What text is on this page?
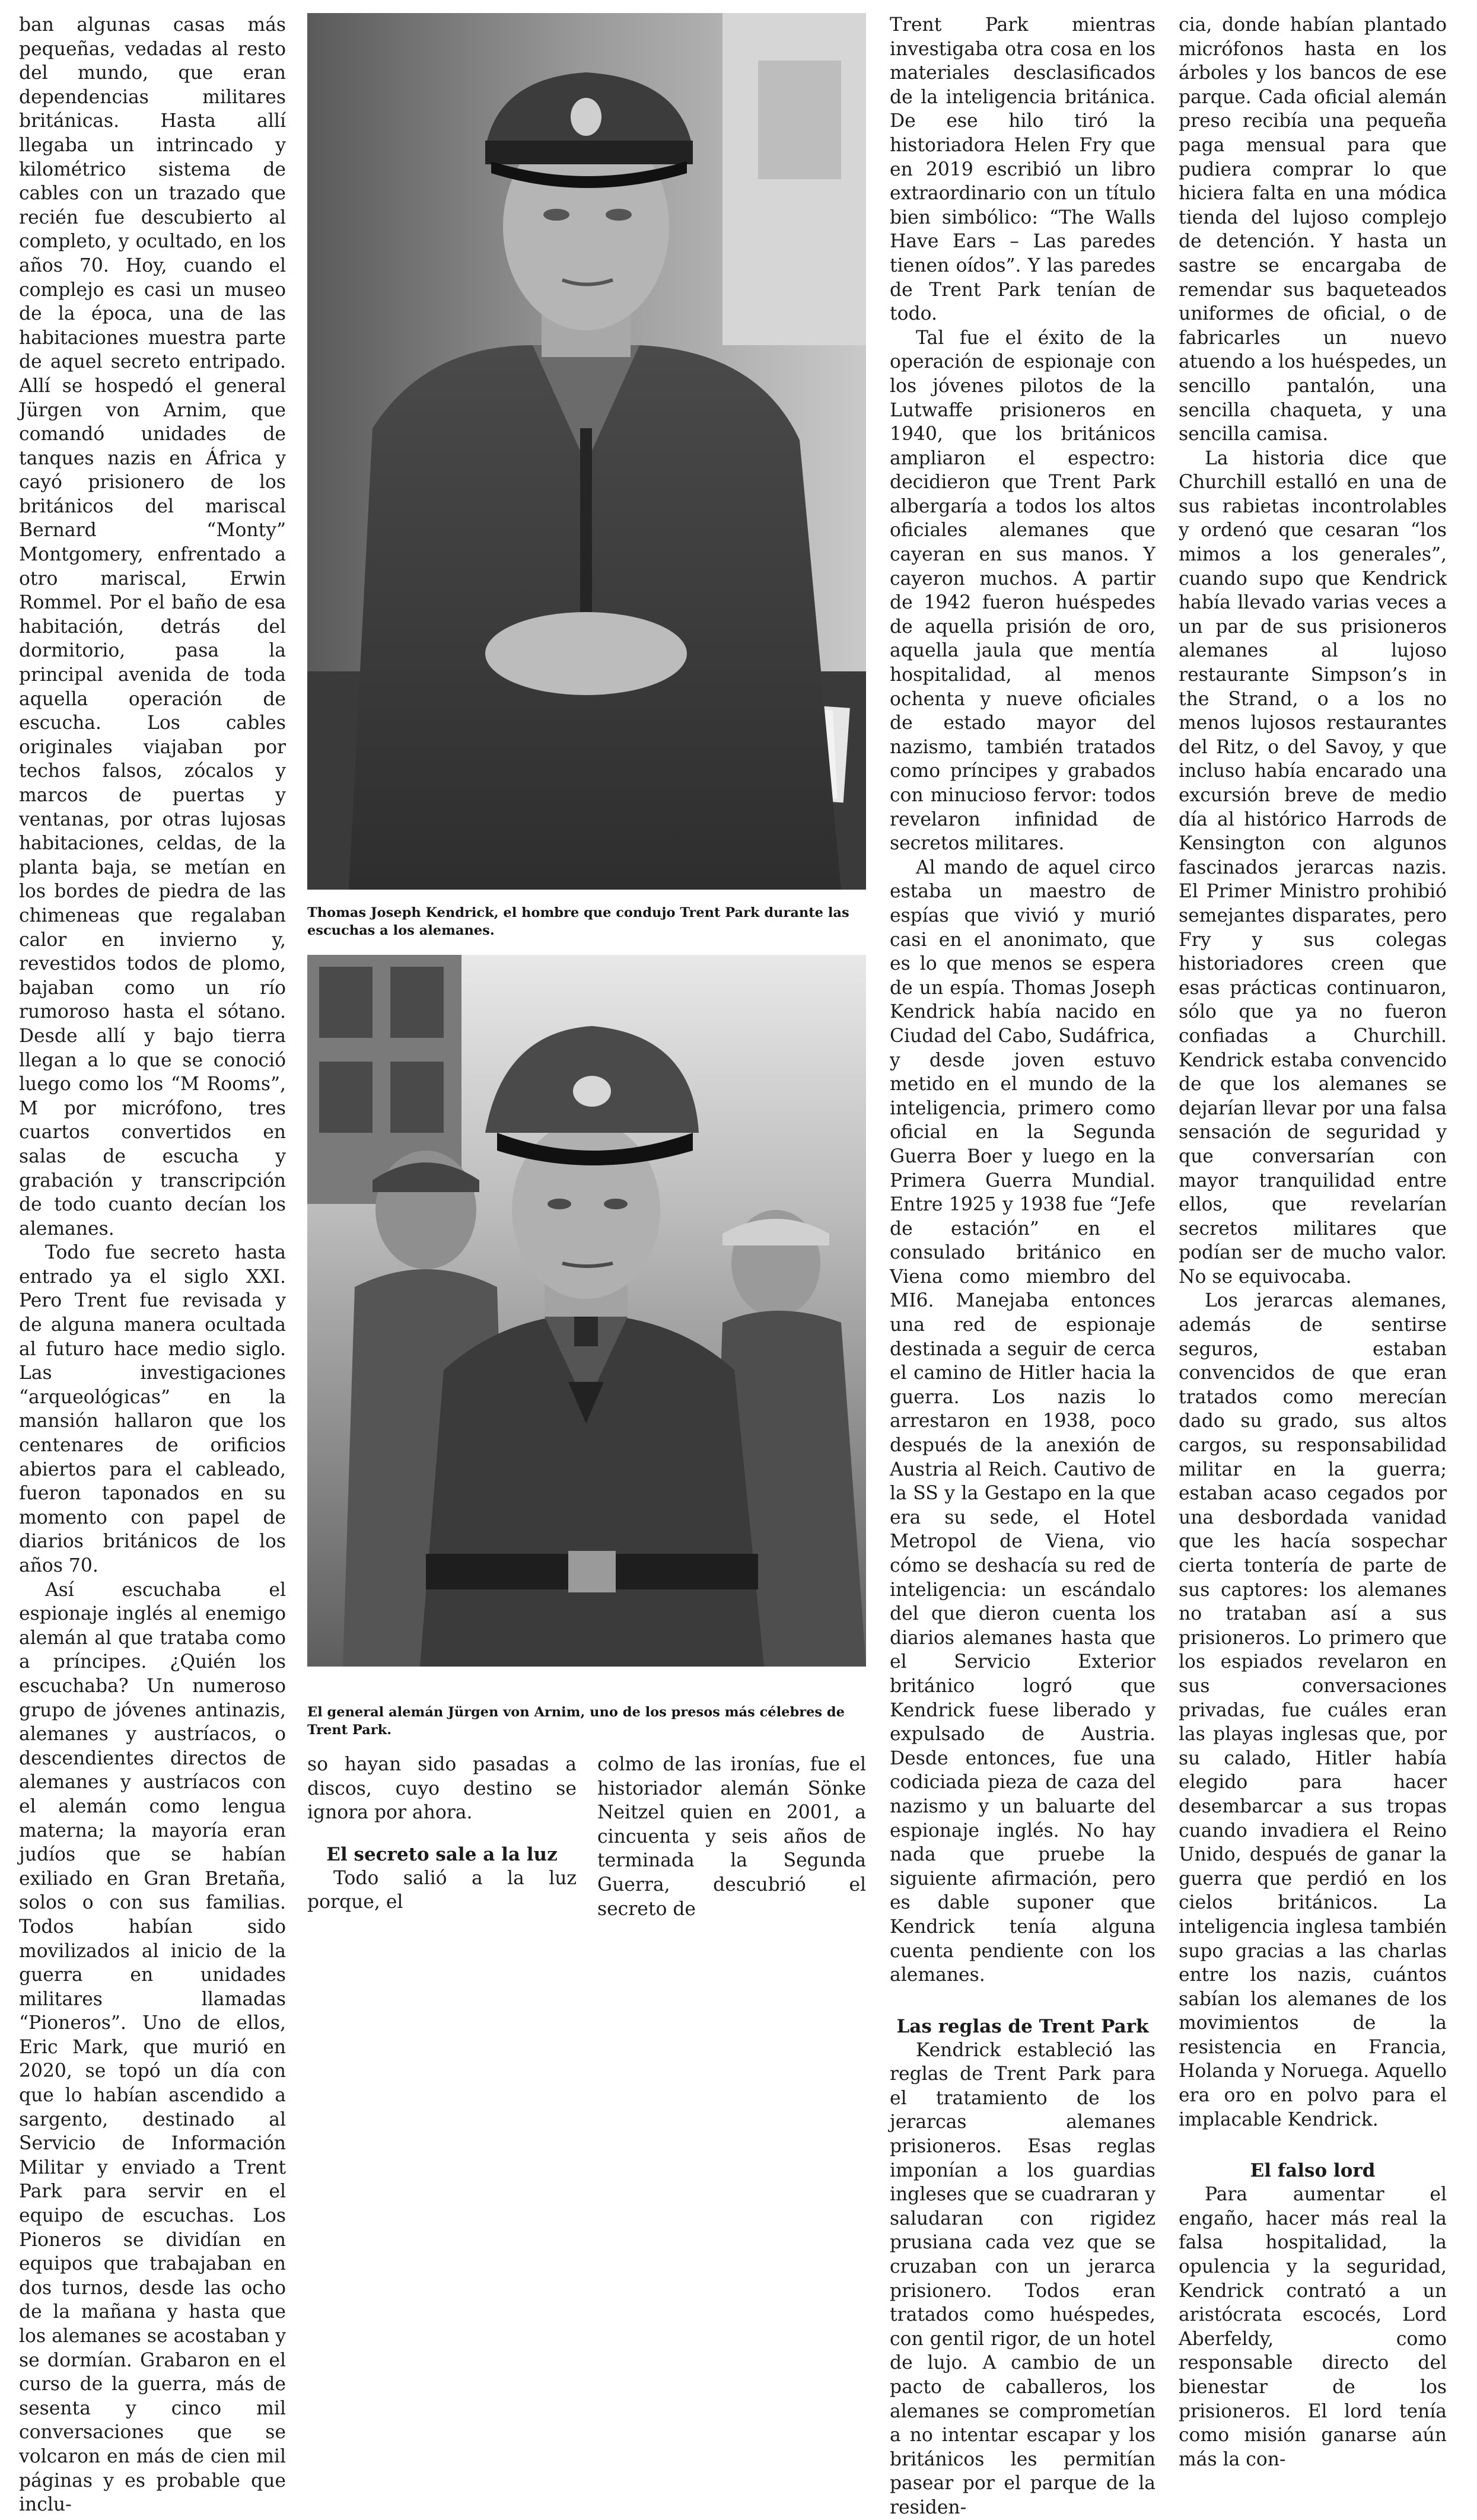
ban algunas casas más pequeñas, vedadas al resto del mundo, que eran dependencias militares británicas. Hasta allí llegaba un intrincado y kilométrico sistema de cables con un trazado que recién fue descubierto al completo, y ocultado, en los años 70. Hoy, cuando el complejo es casi un museo de la época, una de las habitaciones muestra parte de aquel secreto entripado. Allí se hospedó el general Jürgen von Arnim, que comandó unidades de tanques nazis en África y cayó prisionero de los británicos del mariscal Bernard “Monty” Montgomery, enfrentado a otro mariscal, Erwin Rommel. Por el baño de esa habitación, detrás del dormitorio, pasa la principal avenida de toda aquella operación de escucha. Los cables originales viajaban por techos falsos, zócalos y marcos de puertas y ventanas, por otras lujosas habitaciones, celdas, de la planta baja, se metían en los bordes de piedra de las chimeneas que regalaban calor en invierno y, revestidos todos de plomo, bajaban como un río rumoroso hasta el sótano. Desde allí y bajo tierra llegan a lo que se conoció luego como los “M Rooms”, M por micrófono, tres cuartos convertidos en salas de escucha y grabación y transcripción de todo cuanto decían los alemanes.

Todo fue secreto hasta entrado ya el siglo XXI. Pero Trent fue revisada y de alguna manera ocultada al futuro hace medio siglo. Las investigaciones “arqueológicas” en la mansión hallaron que los centenares de orificios abiertos para el cableado, fueron taponados en su momento con papel de diarios británicos de los años 70.

Así escuchaba el espionaje inglés al enemigo alemán al que trataba como a príncipes. ¿Quién los escuchaba? Un numeroso grupo de jóvenes antinazis, alemanes y austríacos, o descendientes directos de alemanes y austríacos con el alemán como lengua materna; la mayoría eran judíos que se habían exiliado en Gran Bretaña, solos o con sus familias. Todos habían sido movilizados al inicio de la guerra en unidades militares llamadas “Pioneros”. Uno de ellos, Eric Mark, que murió en 2020, se topó un día con que lo habían ascendido a sargento, destinado al Servicio de Información Militar y enviado a Trent Park para servir en el equipo de escuchas. Los Pioneros se dividían en equipos que trabajaban en dos turnos, desde las ocho de la mañana y hasta que los alemanes se acostaban y se dormían. Grabaron en el curso de la guerra, más de sesenta y cinco mil conversaciones que se volcaron en más de cien mil páginas y es probable que inclu-

Thomas Joseph Kendrick, el hombre que condujo Trent Park durante las escuchas a los alemanes.
El general alemán Jürgen von Arnim, uno de los presos más célebres de Trent Park.

so hayan sido pasadas a discos, cuyo destino se ignora por ahora.

El secreto sale a la luz

Todo salió a la luz porque, el

colmo de las ironías, fue el historiador alemán Sönke Neitzel quien en 2001, a cincuenta y seis años de terminada la Segunda Guerra, descubrió el secreto de

Trent Park mientras investigaba otra cosa en los materiales desclasificados de la inteligencia británica. De ese hilo tiró la historiadora Helen Fry que en 2019 escribió un libro extraordinario con un título bien simbólico: “The Walls Have Ears – Las paredes tienen oídos”. Y las paredes de Trent Park tenían de todo.

Tal fue el éxito de la operación de espionaje con los jóvenes pilotos de la Lutwaffe prisioneros en 1940, que los británicos ampliaron el espectro: decidieron que Trent Park albergaría a todos los altos oficiales alemanes que cayeran en sus manos. Y cayeron muchos. A partir de 1942 fueron huéspedes de aquella prisión de oro, aquella jaula que mentía hospitalidad, al menos ochenta y nueve oficiales de estado mayor del nazismo, también tratados como príncipes y grabados con minucioso fervor: todos revelaron infinidad de secretos militares.

Al mando de aquel circo estaba un maestro de espías que vivió y murió casi en el anonimato, que es lo que menos se espera de un espía. Thomas Joseph Kendrick había nacido en Ciudad del Cabo, Sudáfrica, y desde joven estuvo metido en el mundo de la inteligencia, primero como oficial en la Segunda Guerra Boer y luego en la Primera Guerra Mundial. Entre 1925 y 1938 fue “Jefe de estación” en el consulado británico en Viena como miembro del MI6. Manejaba entonces una red de espionaje destinada a seguir de cerca el camino de Hitler hacia la guerra. Los nazis lo arrestaron en 1938, poco después de la anexión de Austria al Reich. Cautivo de la SS y la Gestapo en la que era su sede, el Hotel Metropol de Viena, vio cómo se deshacía su red de inteligencia: un escándalo del que dieron cuenta los diarios alemanes hasta que el Servicio Exterior británico logró que Kendrick fuese liberado y expulsado de Austria. Desde entonces, fue una codiciada pieza de caza del nazismo y un baluarte del espionaje inglés. No hay nada que pruebe la siguiente afirmación, pero es dable suponer que Kendrick tenía alguna cuenta pendiente con los alemanes.

Las reglas de Trent Park

Kendrick estableció las reglas de Trent Park para el tratamiento de los jerarcas alemanes prisioneros. Esas reglas imponían a los guardias ingleses que se cuadraran y saludaran con rigidez prusiana cada vez que se cruzaban con un jerarca prisionero. Todos eran tratados como huéspedes, con gentil rigor, de un hotel de lujo. A cambio de un pacto de caballeros, los alemanes se comprometían a no intentar escapar y los británicos les permitían pasear por el parque de la residen-

cia, donde habían plantado micrófonos hasta en los árboles y los bancos de ese parque. Cada oficial alemán preso recibía una pequeña paga mensual para que pudiera comprar lo que hiciera falta en una módica tienda del lujoso complejo de detención. Y hasta un sastre se encargaba de remendar sus baqueteados uniformes de oficial, o de fabricarles un nuevo atuendo a los huéspedes, un sencillo pantalón, una sencilla chaqueta, y una sencilla camisa.

La historia dice que Churchill estalló en una de sus rabietas incontrolables y ordenó que cesaran “los mimos a los generales”, cuando supo que Kendrick había llevado varias veces a un par de sus prisioneros alemanes al lujoso restaurante Simpson’s in the Strand, o a los no menos lujosos restaurantes del Ritz, o del Savoy, y que incluso había encarado una excursión breve de medio día al histórico Harrods de Kensington con algunos fascinados jerarcas nazis. El Primer Ministro prohibió semejantes disparates, pero Fry y sus colegas historiadores creen que esas prácticas continuaron, sólo que ya no fueron confiadas a Churchill. Kendrick estaba convencido de que los alemanes se dejarían llevar por una falsa sensación de seguridad y que conversarían con mayor tranquilidad entre ellos, que revelarían secretos militares que podían ser de mucho valor. No se equivocaba.

Los jerarcas alemanes, además de sentirse seguros, estaban convencidos de que eran tratados como merecían dado su grado, sus altos cargos, su responsabilidad militar en la guerra; estaban acaso cegados por una desbordada vanidad que les hacía sospechar cierta tontería de parte de sus captores: los alemanes no trataban así a sus prisioneros. Lo primero que los espiados revelaron en sus conversaciones privadas, fue cuáles eran las playas inglesas que, por su calado, Hitler había elegido para hacer desembarcar a sus tropas cuando invadiera el Reino Unido, después de ganar la guerra que perdió en los cielos británicos. La inteligencia inglesa también supo gracias a las charlas entre los nazis, cuántos sabían los alemanes de los movimientos de la resistencia en Francia, Holanda y Noruega. Aquello era oro en polvo para el implacable Kendrick.

El falso lord

Para aumentar el engaño, hacer más real la falsa hospitalidad, la opulencia y la seguridad, Kendrick contrató a un aristócrata escocés, Lord Aberfeldy, como responsable directo del bienestar de los prisioneros. El lord tenía como misión ganarse aún más la con-
